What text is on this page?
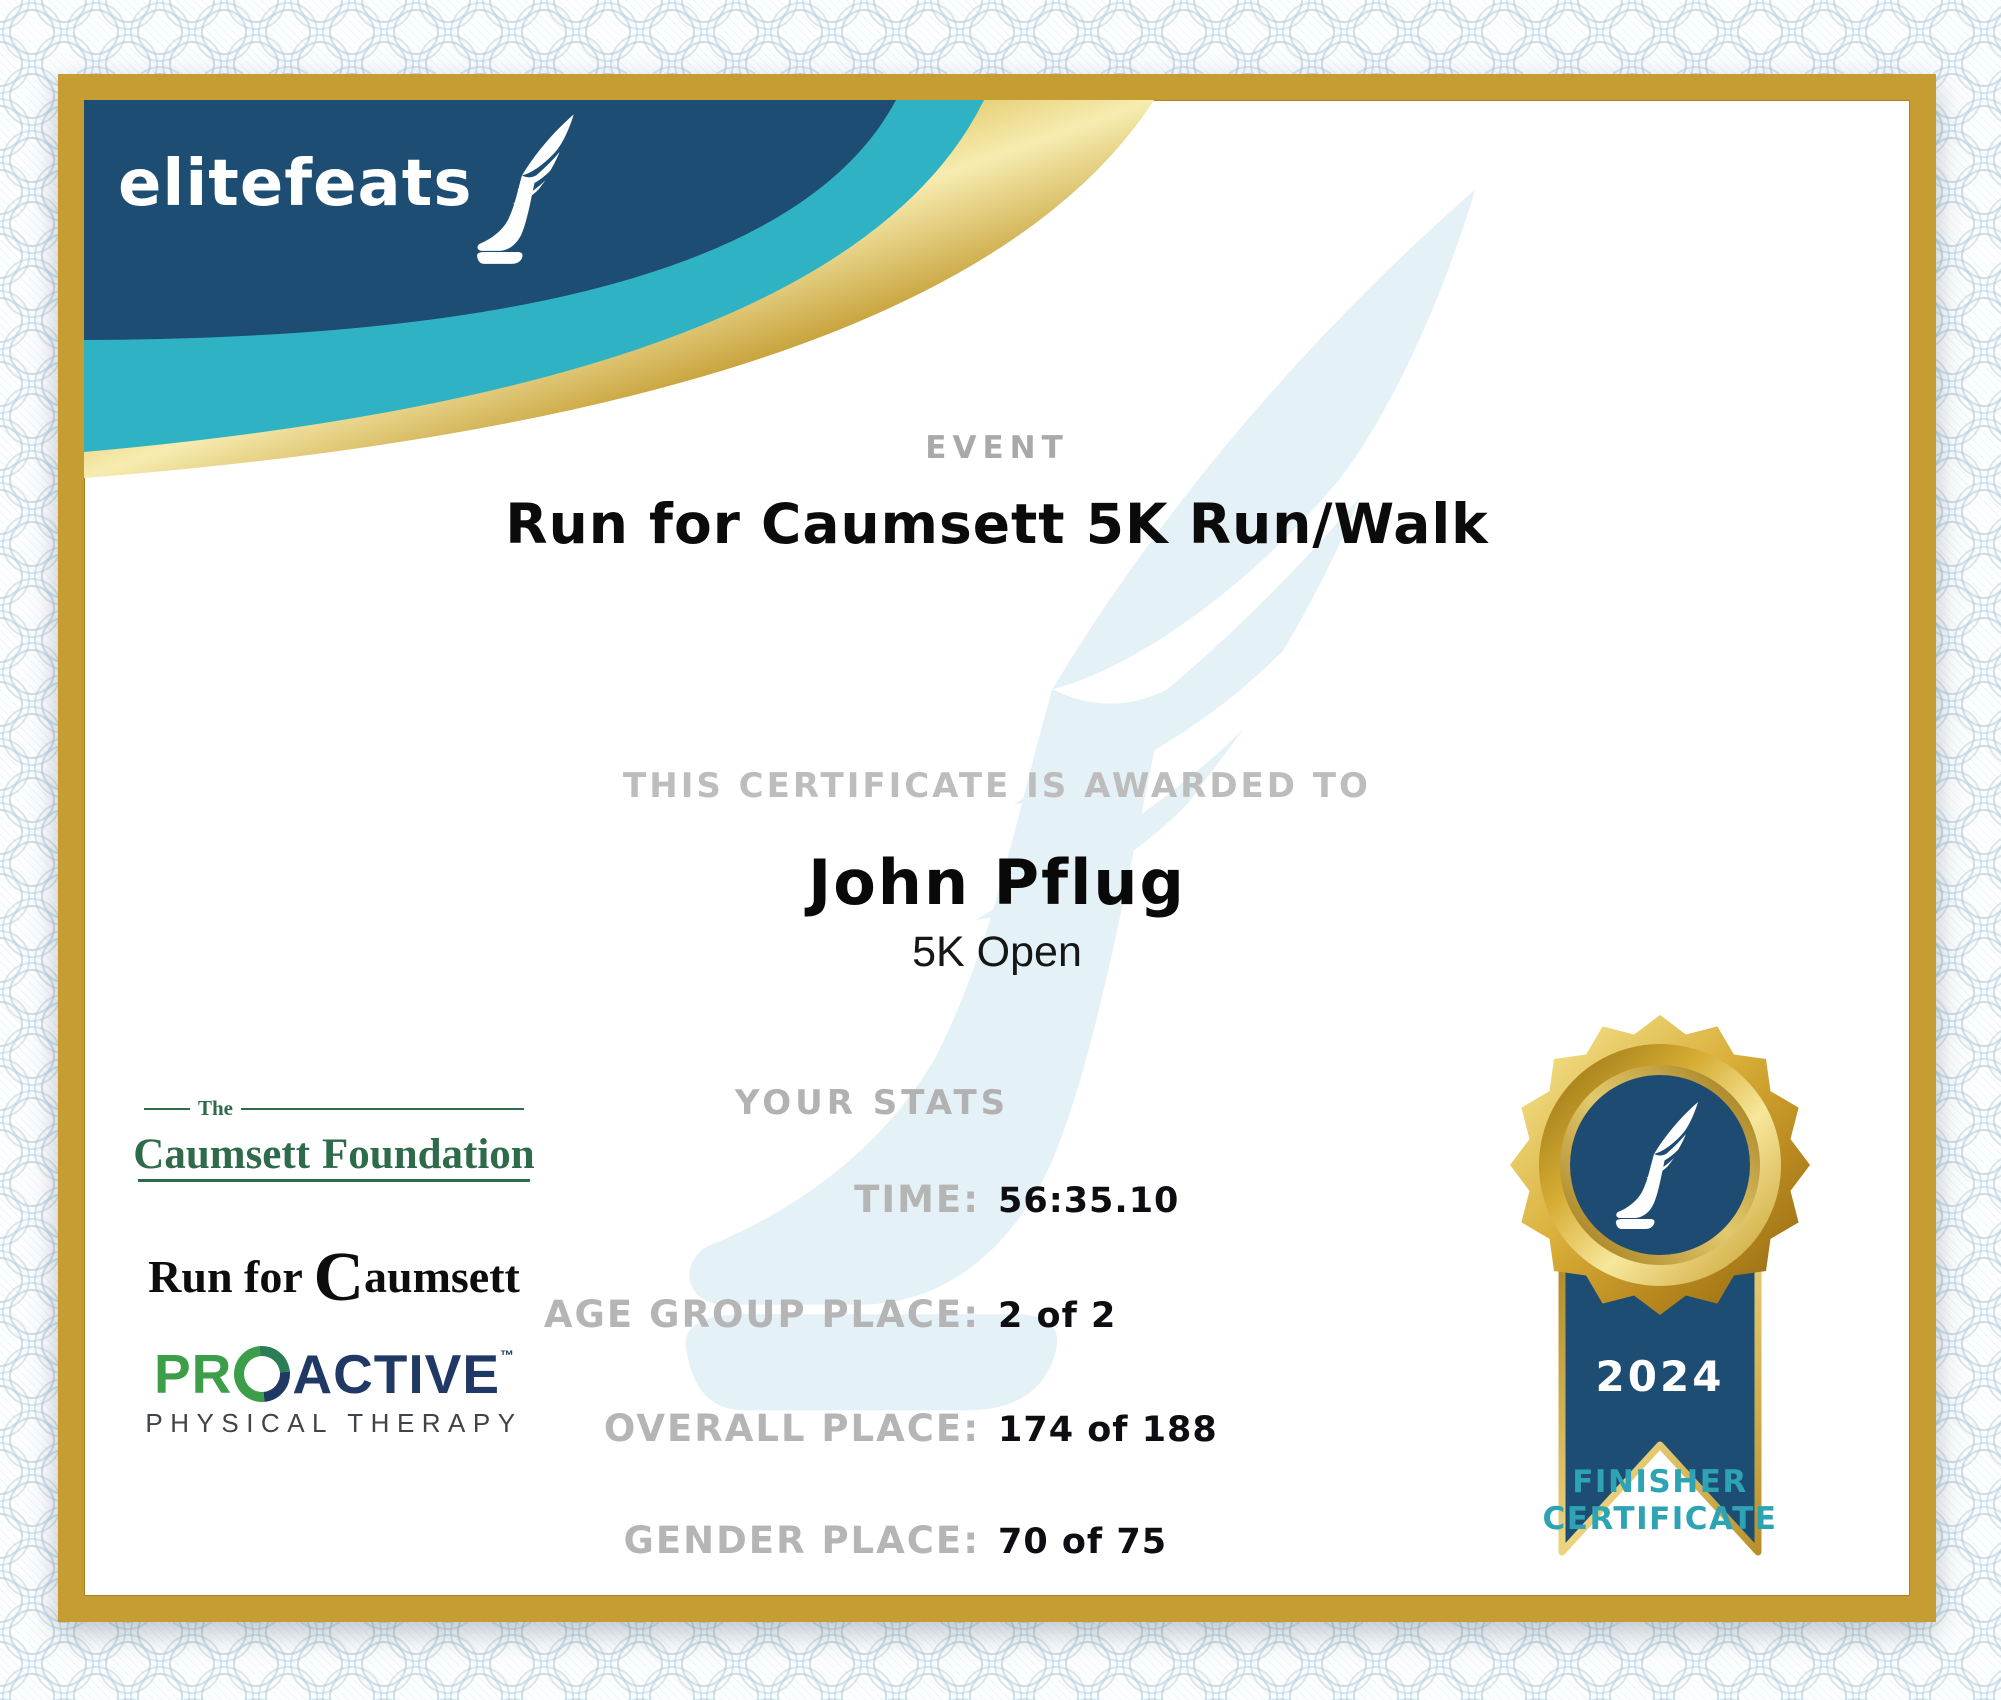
elitefeats
EVENT
Run for Caumsett 5K Run/Walk
THIS CERTIFICATE IS AWARDED TO
John Pflug
5K Open
YOUR STATS
TIME: 56:35.10
AGE GROUP PLACE: 2 of 2
OVERALL PLACE: 174 of 188
GENDER PLACE: 70 of 75
The
Caumsett Foundation
Run for Caumsett
PR ACTIVE ™
PHYSICAL THERAPY
2024
FINISHER
CERTIFICATE
